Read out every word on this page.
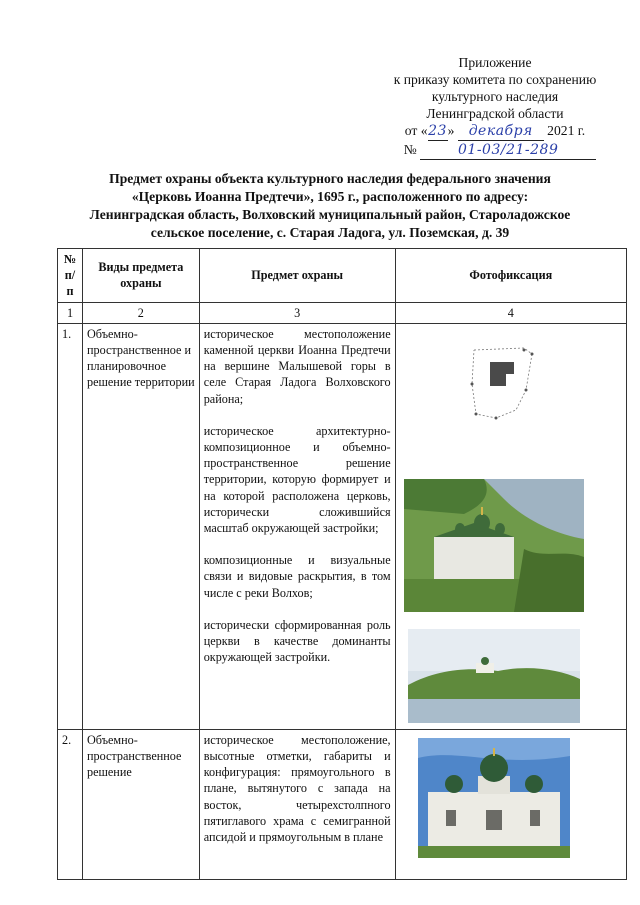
Приложение
к приказу комитета по сохранению
культурного наследия
Ленинградской области
от «23» декабря 2021 г.
№	01-03/21-289
Предмет охраны объекта культурного наследия федерального значения
«Церковь Иоанна Предтечи», 1695 г., расположенного по адресу:
Ленинградская область, Волховский муниципальный район, Староладожское
сельское поселение, с. Старая Ладога, ул. Поземская, д. 39
№ п/п	Виды предмета охраны	Предмет охраны	Фотофиксация
1	2	3	4
1.	Объемно-пространственное и планировочное решение территории	историческое местоположение каменной церкви Иоанна Предтечи на вершине Малышевой горы в селе Старая Ладога Волховского района;

историческое архитектурно-композиционное и объемно-пространственное решение территории, которую формирует и на которой расположена церковь, исторически сложившийся масштаб окружающей застройки;

композиционные и визуальные связи и видовые раскрытия, в том числе с реки Волхов;

исторически сформированная роль церкви в качестве доминанты окружающей застройки.

2.	Объемно-пространственное решение	историческое местоположение, высотные отметки, габариты и конфигурация: прямоугольного в плане, вытянутого с запада на восток, четырехстолпного пятиглавого храма с семигранной апсидой и прямоугольным в плане
